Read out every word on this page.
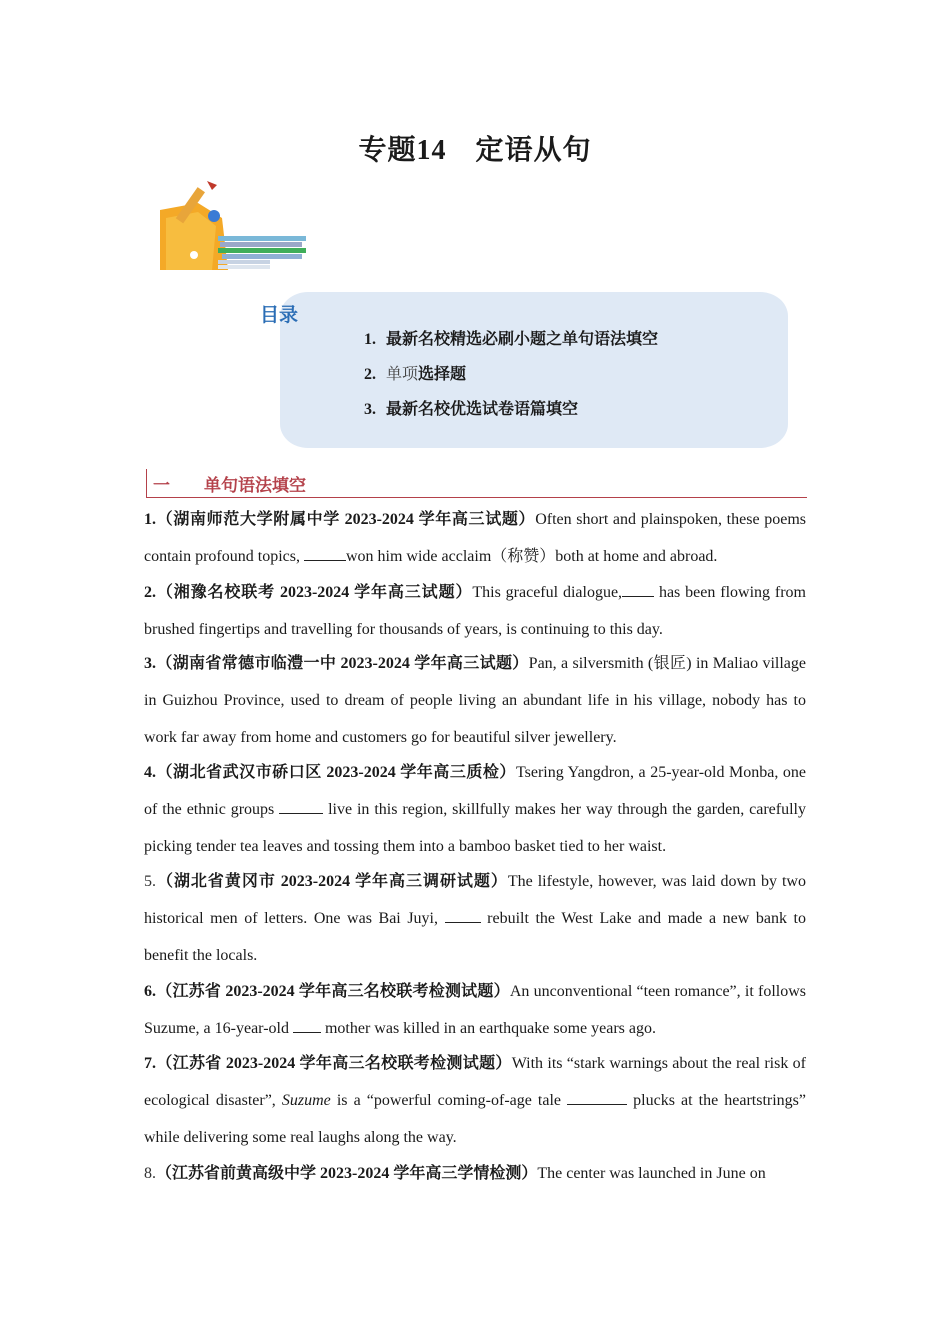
专题14　定语从句
目录
1. 最新名校精选必刷小题之单句语法填空
2. 单项选择题
3. 最新名校优选试卷语篇填空
一 单句语法填空
1.（湖南师范大学附属中学 2023-2024 学年高三试题）Often short and plainspoken, these poems contain profound topics,	won him wide acclaim（称赞）both at home and abroad.
2.（湘豫名校联考 2023-2024 学年高三试题）This graceful dialogue, has been flowing from brushed fingertips and travelling for thousands of years, is continuing to this day.
3.（湖南省常德市临澧一中 2023-2024 学年高三试题）Pan, a silversmith (银匠) in Maliao village in Guizhou Province, used to dream of people living an abundant life in his village, nobody has to work far away from home and customers go for beautiful silver jewellery.
4.（湖北省武汉市硚口区 2023-2024 学年高三质检）Tsering Yangdron, a 25-year-old Monba, one of the ethnic groups	live in this region, skillfully makes her way through the garden, carefully picking tender tea leaves and tossing them into a bamboo basket tied to her waist.
5.（湖北省黄冈市 2023-2024 学年高三调研试题）The lifestyle, however, was laid down by two historical men of letters. One was Bai Juyi,  rebuilt the West Lake and made a new bank to benefit the locals.
6.（江苏省 2023-2024 学年高三名校联考检测试题）An unconventional “teen romance”, it follows Suzume, a 16-year-old  mother was killed in an earthquake some years ago.
7.（江苏省 2023-2024 学年高三名校联考检测试题）With its “stark warnings about the real risk of ecological disaster”, Suzume is a “powerful coming-of-age tale	plucks at the heartstrings” while delivering some real laughs along the way.
8.（江苏省前黄高级中学 2023-2024 学年高三学情检测）The center was launched in June on
